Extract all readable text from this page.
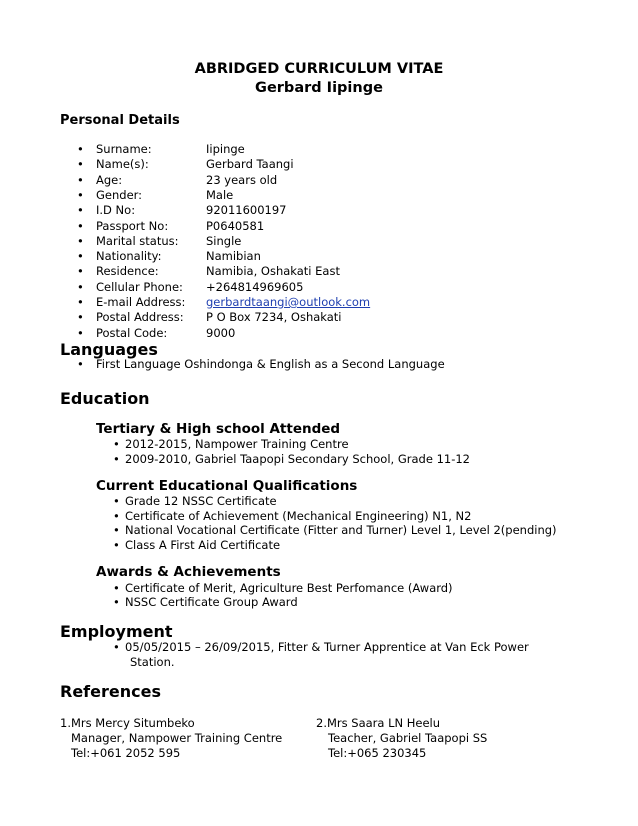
ABRIDGED CURRICULUM VITAE
Gerbard Iipinge
Personal Details
• Surname:	Iipinge
• Name(s):	Gerbard Taangi
• Age:	23 years old
• Gender:	Male
• I.D No:	92011600197
• Passport No:	P0640581
• Marital status: Single
• Nationality:	Namibian
• Residence:	Namibia, Oshakati East
• Cellular Phone: +264814969605
• E-mail Address: gerbardtaangi@outlook.com
• Postal Address: P O Box 7234, Oshakati
• Postal Code:	9000
Languages
• First Language Oshindonga & English as a Second Language
Education
Tertiary & High school Attended
• 2012-2015, Nampower Training Centre
• 2009-2010, Gabriel Taapopi Secondary School, Grade 11-12
Current Educational Qualifications
• Grade 12 NSSC Certificate
• Certificate of Achievement (Mechanical Engineering) N1, N2
• National Vocational Certificate (Fitter and Turner) Level 1, Level 2(pending)
• Class A First Aid Certificate
Awards & Achievements
• Certificate of Merit, Agriculture Best Perfomance (Award)
• NSSC Certificate Group Award
Employment
• 05/05/2015 – 26/09/2015, Fitter & Turner Apprentice at Van Eck Power
Station.
References
1.Mrs Mercy Situmbeko
Manager, Nampower Training Centre
Tel:+061 2052 595
2.Mrs Saara LN Heelu
Teacher, Gabriel Taapopi SS
Tel:+065 230345
